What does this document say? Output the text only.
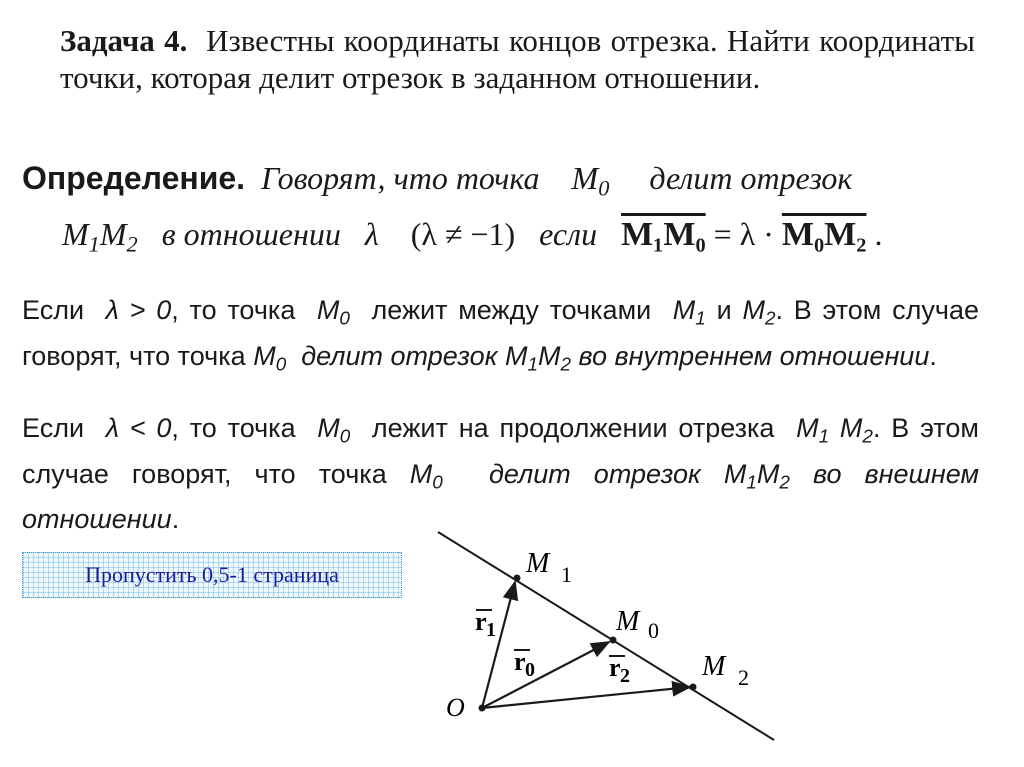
Задача 4. Известны координаты концов отрезка. Найти координаты точки, которая делит отрезок в заданном отношении.
Определение. Говорят, что точка $M_0$ делит отрезок
$M_1M_2$ в отношении λ (λ ≠ −1) если M₁M₀ = λ · M₀M₂ .
Если λ > 0, то точка $M_0$ лежит между точками $M_1$ и $M_2$. В этом случае говорят, что точка $M_0$ делит отрезок $M_1M_2$ во внутреннем отношении.
Если λ < 0, то точка $M_0$ лежит на продолжении отрезка $M_1$ $M_2$. В этом случае говорят, что точка $M_0$ делит отрезок $M_1M_2$ во внешнем отношении.
Пропустить 0,5-1 страница
O
M 1
M 0
M 2
r 1
r 0	r 2
